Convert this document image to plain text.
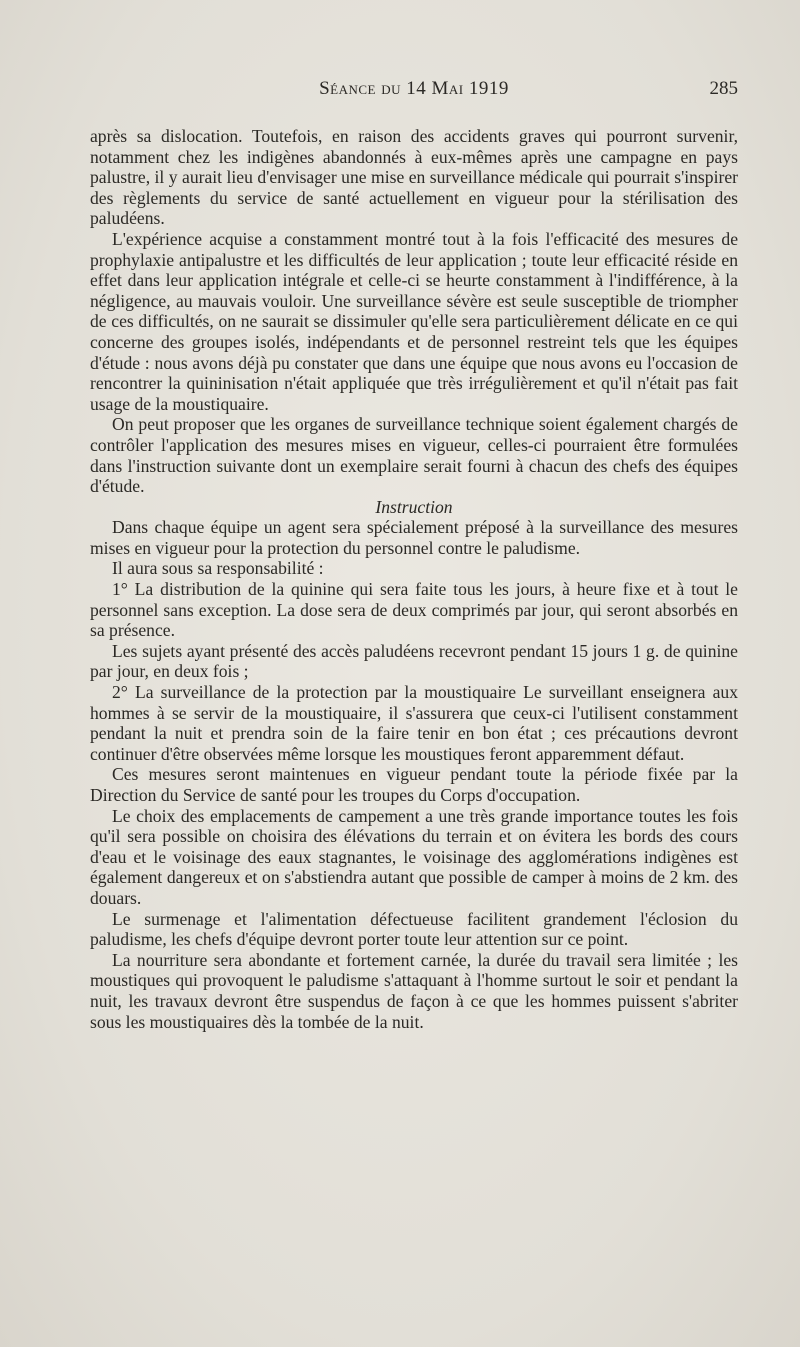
Séance du 14 Mai 1919	285

après sa dislocation. Toutefois, en raison des accidents graves qui pourront survenir, notamment chez les indigènes abandonnés à eux-mêmes après une campagne en pays palustre, il y aurait lieu d'envisager une mise en surveillance médicale qui pourrait s'inspirer des règlements du service de santé actuellement en vigueur pour la stérilisation des paludéens.

L'expérience acquise a constamment montré tout à la fois l'efficacité des mesures de prophylaxie antipalustre et les difficultés de leur application ; toute leur efficacité réside en effet dans leur application intégrale et celle-ci se heurte constamment à l'indifférence, à la négligence, au mauvais vouloir. Une surveillance sévère est seule susceptible de triompher de ces difficultés, on ne saurait se dissimuler qu'elle sera particulièrement délicate en ce qui concerne des groupes isolés, indépendants et de personnel restreint tels que les équipes d'étude : nous avons déjà pu constater que dans une équipe que nous avons eu l'occasion de rencontrer la quininisation n'était appliquée que très irrégulièrement et qu'il n'était pas fait usage de la moustiquaire.

On peut proposer que les organes de surveillance technique soient également chargés de contrôler l'application des mesures mises en vigueur, celles-ci pourraient être formulées dans l'instruction suivante dont un exemplaire serait fourni à chacun des chefs des équipes d'étude.

Instruction

Dans chaque équipe un agent sera spécialement préposé à la surveillance des mesures mises en vigueur pour la protection du personnel contre le paludisme.

Il aura sous sa responsabilité :

1° La distribution de la quinine qui sera faite tous les jours, à heure fixe et à tout le personnel sans exception. La dose sera de deux comprimés par jour, qui seront absorbés en sa présence.

Les sujets ayant présenté des accès paludéens recevront pendant 15 jours 1 g. de quinine par jour, en deux fois ;

2° La surveillance de la protection par la moustiquaire Le surveillant enseignera aux hommes à se servir de la moustiquaire, il s'assurera que ceux-ci l'utilisent constamment pendant la nuit et prendra soin de la faire tenir en bon état ; ces précautions devront continuer d'être observées même lorsque les moustiques feront apparemment défaut.

Ces mesures seront maintenues en vigueur pendant toute la période fixée par la Direction du Service de santé pour les troupes du Corps d'occupation.

Le choix des emplacements de campement a une très grande importance toutes les fois qu'il sera possible on choisira des élévations du terrain et on évitera les bords des cours d'eau et le voisinage des eaux stagnantes, le voisinage des agglomérations indigènes est également dangereux et on s'abstiendra autant que possible de camper à moins de 2 km. des douars.

Le surmenage et l'alimentation défectueuse facilitent grandement l'éclosion du paludisme, les chefs d'équipe devront porter toute leur attention sur ce point.

La nourriture sera abondante et fortement carnée, la durée du travail sera limitée ; les moustiques qui provoquent le paludisme s'attaquant à l'homme surtout le soir et pendant la nuit, les travaux devront être suspendus de façon à ce que les hommes puissent s'abriter sous les moustiquaires dès la tombée de la nuit.
